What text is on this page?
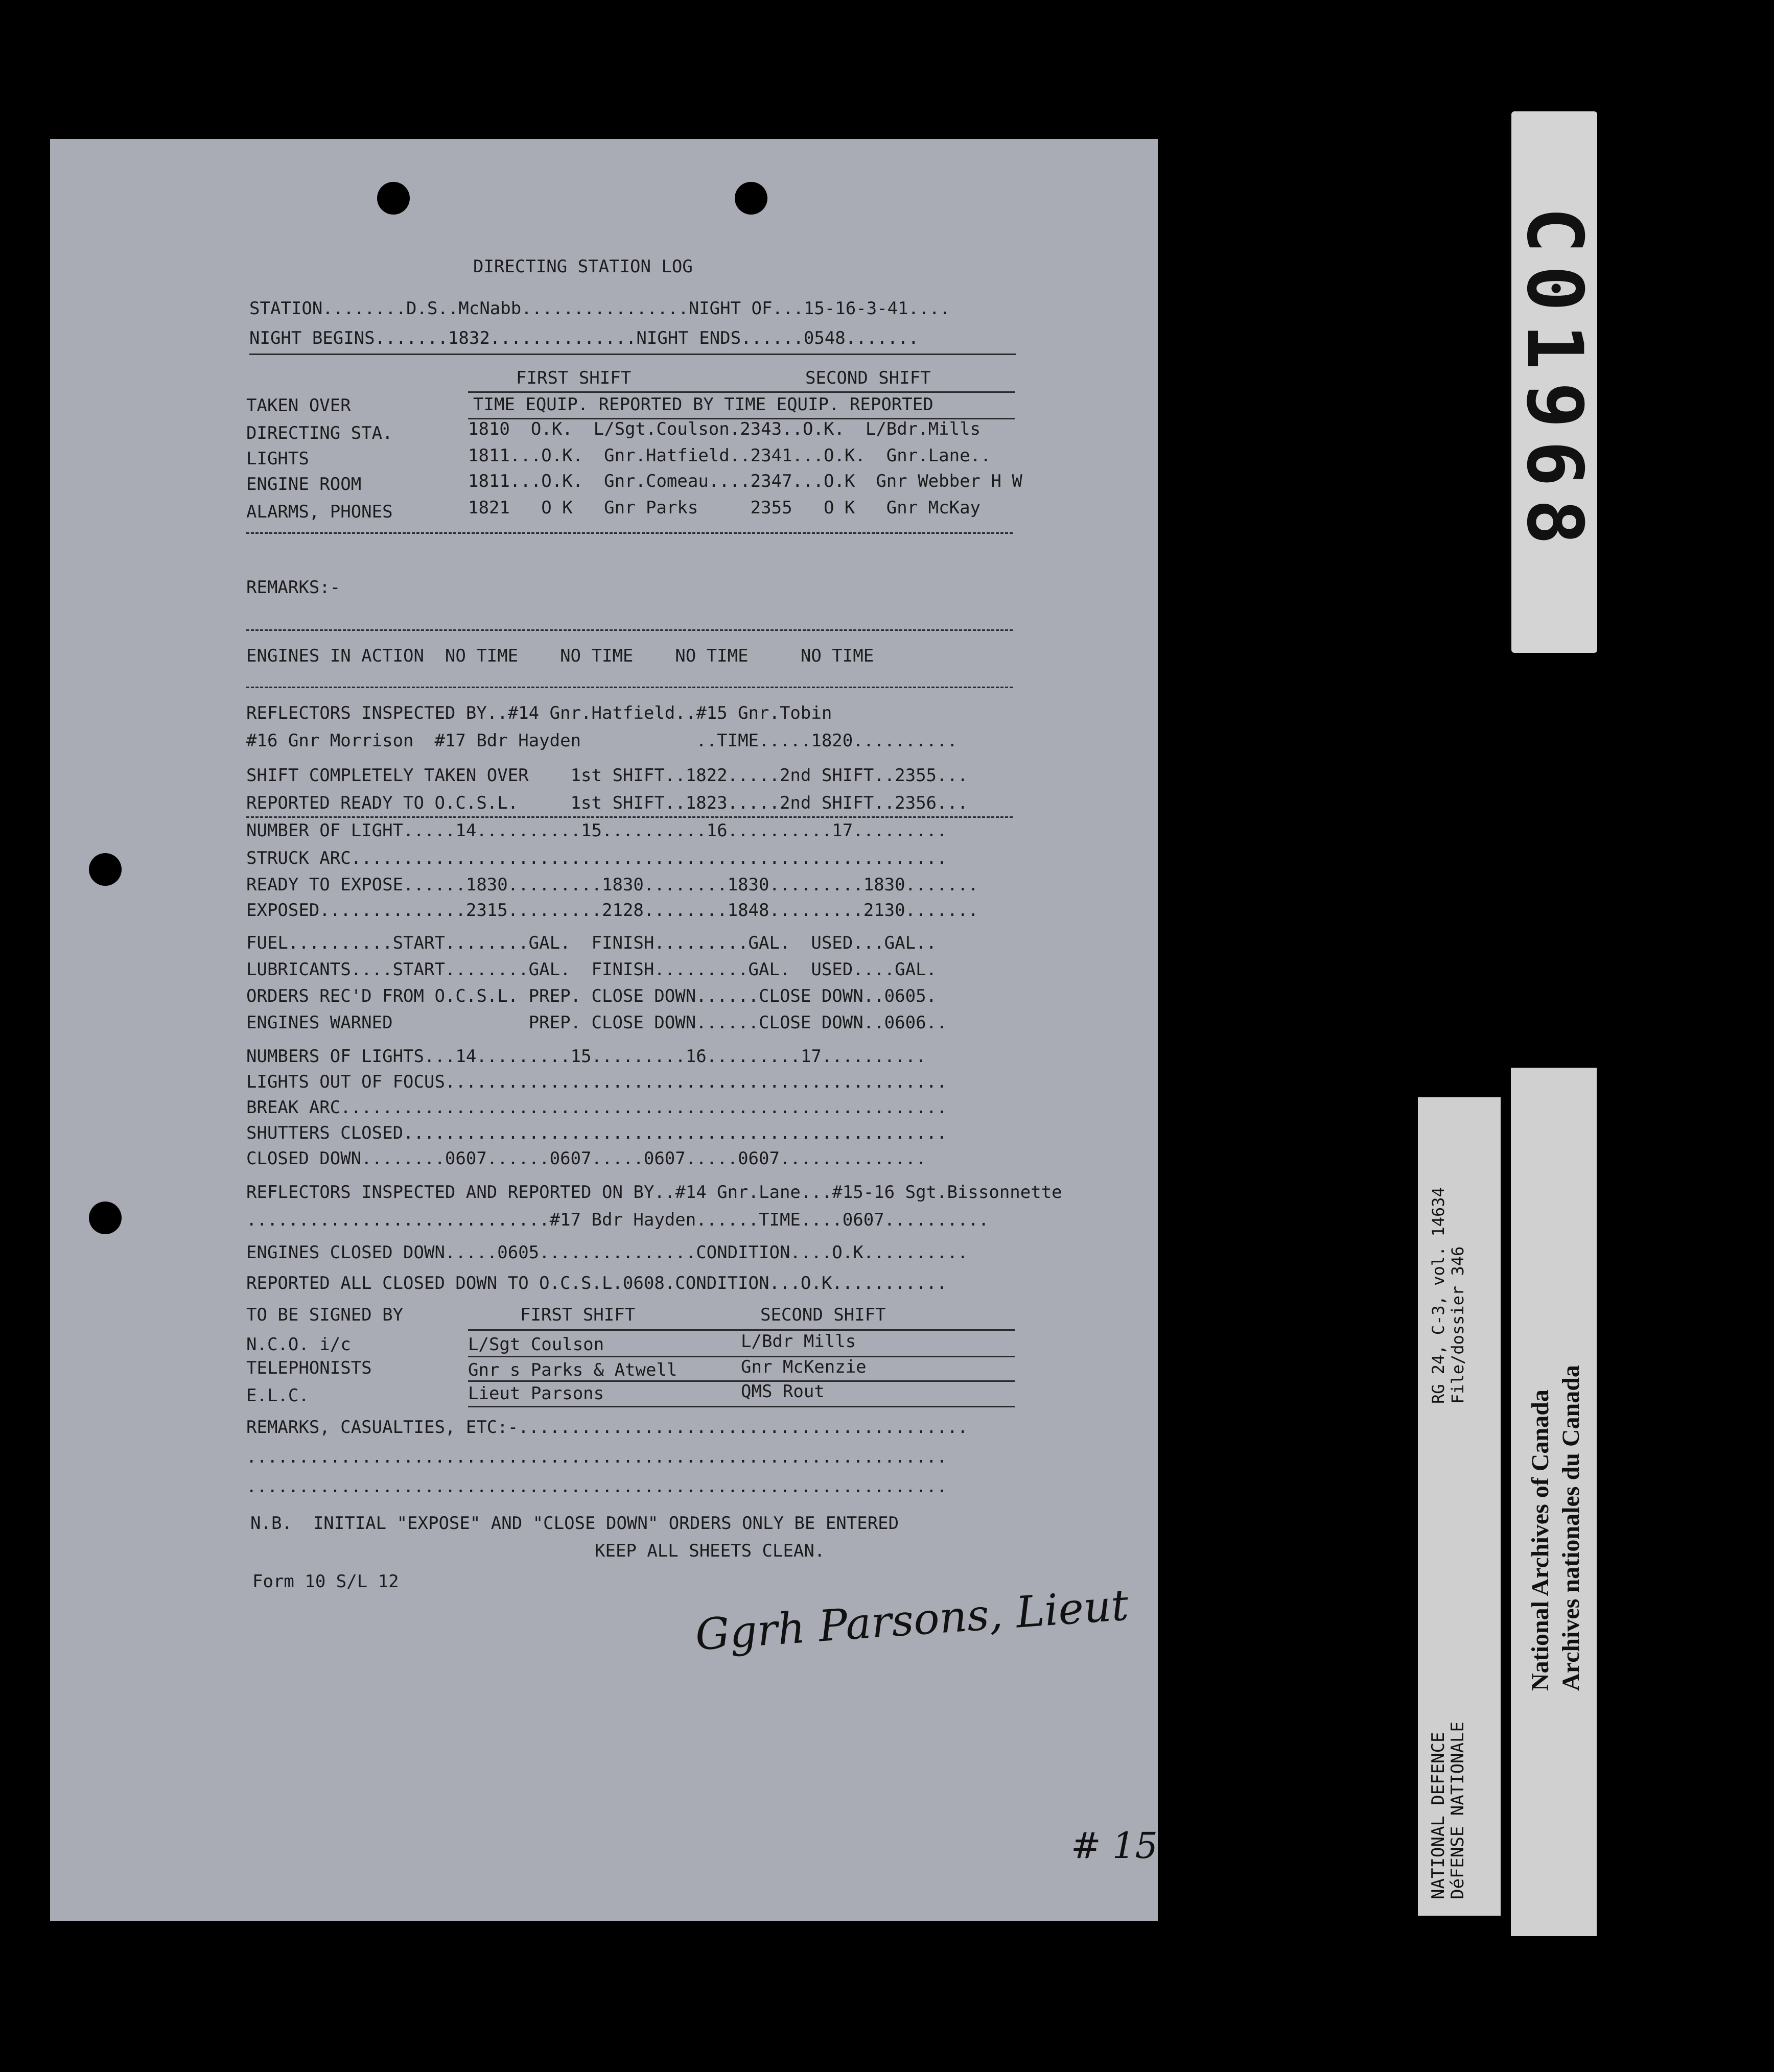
C01968
NATIONAL DEFENCE
DéFENSE NATIONALE
RG 24, C-3, vol. 14634 File/dossier 346
National Archives of Canada Archives nationales du Canada
DIRECTING STATION LOG
STATION........D.S..McNabb................NIGHT OF...15-16-3-41....
NIGHT BEGINS.......1832..............NIGHT ENDS......0548.......
FIRST SHIFT	SECOND SHIFT
TAKEN OVER	TIME EQUIP. REPORTED BY TIME EQUIP. REPORTED
DIRECTING STA.	1810  O.K.  L/Sgt.Coulson.2343..O.K.  L/Bdr.Mills
LIGHTS	1811...O.K.  Gnr.Hatfield..2341...O.K.  Gnr.Lane..
ENGINE ROOM	1811...O.K.  Gnr.Comeau....2347...O.K  Gnr Webber H W
ALARMS, PHONES	1821   O K   Gnr Parks     2355   O K   Gnr McKay
REMARKS:-
ENGINES IN ACTION  NO TIME    NO TIME    NO TIME     NO TIME
REFLECTORS INSPECTED BY..#14 Gnr.Hatfield..#15 Gnr.Tobin
#16 Gnr Morrison  #17 Bdr Hayden           ..TIME.....1820..........
SHIFT COMPLETELY TAKEN OVER    1st SHIFT..1822.....2nd SHIFT..2355...
REPORTED READY TO O.C.S.L.     1st SHIFT..1823.....2nd SHIFT..2356...
NUMBER OF LIGHT.....14..........15..........16..........17.........
STRUCK ARC.........................................................
READY TO EXPOSE......1830.........1830........1830.........1830.......
EXPOSED..............2315.........2128........1848.........2130.......
FUEL..........START........GAL.  FINISH.........GAL.  USED...GAL..
LUBRICANTS....START........GAL.  FINISH.........GAL.  USED....GAL.
ORDERS REC'D FROM O.C.S.L. PREP. CLOSE DOWN......CLOSE DOWN..0605.
ENGINES WARNED             PREP. CLOSE DOWN......CLOSE DOWN..0606..
NUMBERS OF LIGHTS...14.........15.........16.........17..........
LIGHTS OUT OF FOCUS................................................
BREAK ARC..........................................................
SHUTTERS CLOSED....................................................
CLOSED DOWN........0607......0607.....0607.....0607..............
REFLECTORS INSPECTED AND REPORTED ON BY..#14 Gnr.Lane...#15-16 Sgt.Bissonnette
.............................#17 Bdr Hayden......TIME....0607..........
ENGINES CLOSED DOWN.....0605...............CONDITION....O.K..........
REPORTED ALL CLOSED DOWN TO O.C.S.L.0608.CONDITION...O.K...........
TO BE SIGNED BY	FIRST SHIFT	SECOND SHIFT
N.C.O. i/c	L/Sgt Coulson	L/Bdr Mills
TELEPHONISTS	Gnr s Parks & Atwell	Gnr McKenzie
E.L.C.	Lieut Parsons	QMS Rout
REMARKS, CASUALTIES, ETC:-...........................................
...................................................................
...................................................................
N.B.  INITIAL "EXPOSE" AND "CLOSE DOWN" ORDERS ONLY BE ENTERED
KEEP ALL SHEETS CLEAN.
Form 10 S/L 12	Ggrh Parsons, Lieut
# 15
